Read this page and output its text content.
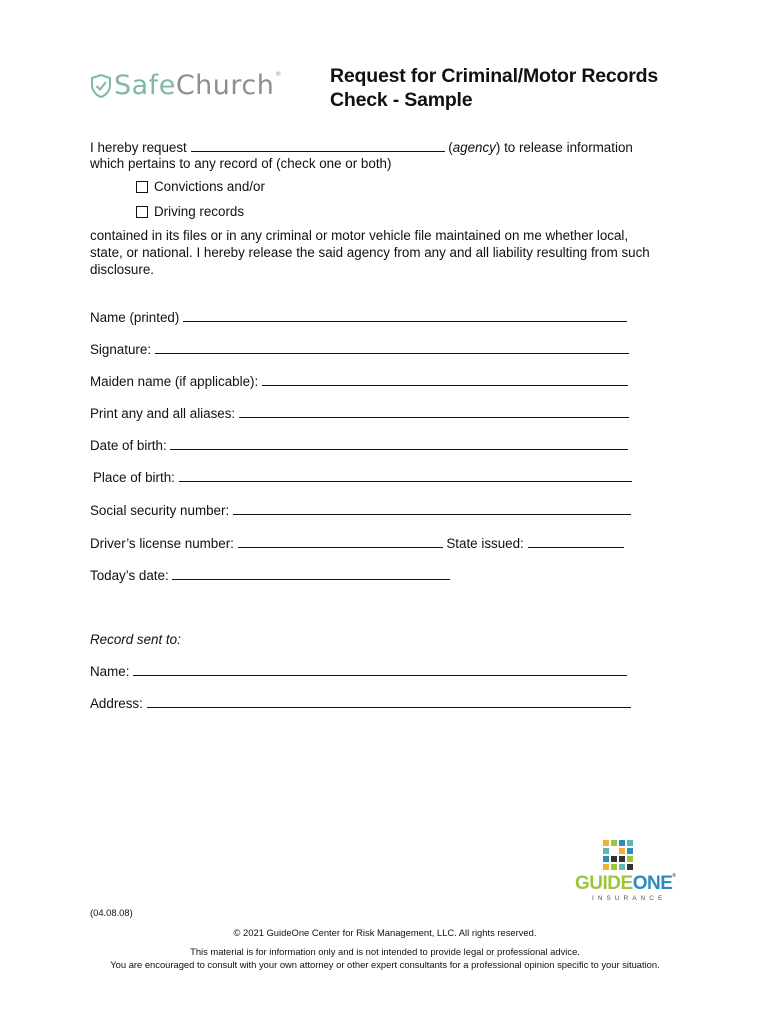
SafeChurch® Request for Criminal/Motor Records
Check - Sample
I hereby request	(agency) to release information
which pertains to any record of (check one or both)
Convictions and/or
Driving records
contained in its files or in any criminal or motor vehicle file maintained on me whether local,
state, or national. I hereby release the said agency from any and all liability resulting from such
disclosure.
Name (printed)
Signature:
Maiden name (if applicable):
Print any and all aliases:
Date of birth:
Place of birth:
Social security number:
Driver’s license number:	State issued:
Today’s date:
Record sent to:
Name:
Address:
GUIDEONE®
INSURANCE
(04.08.08)
© 2021 GuideOne Center for Risk Management, LLC. All rights reserved.
This material is for information only and is not intended to provide legal or professional advice.
You are encouraged to consult with your own attorney or other expert consultants for a professional opinion specific to your situation.
